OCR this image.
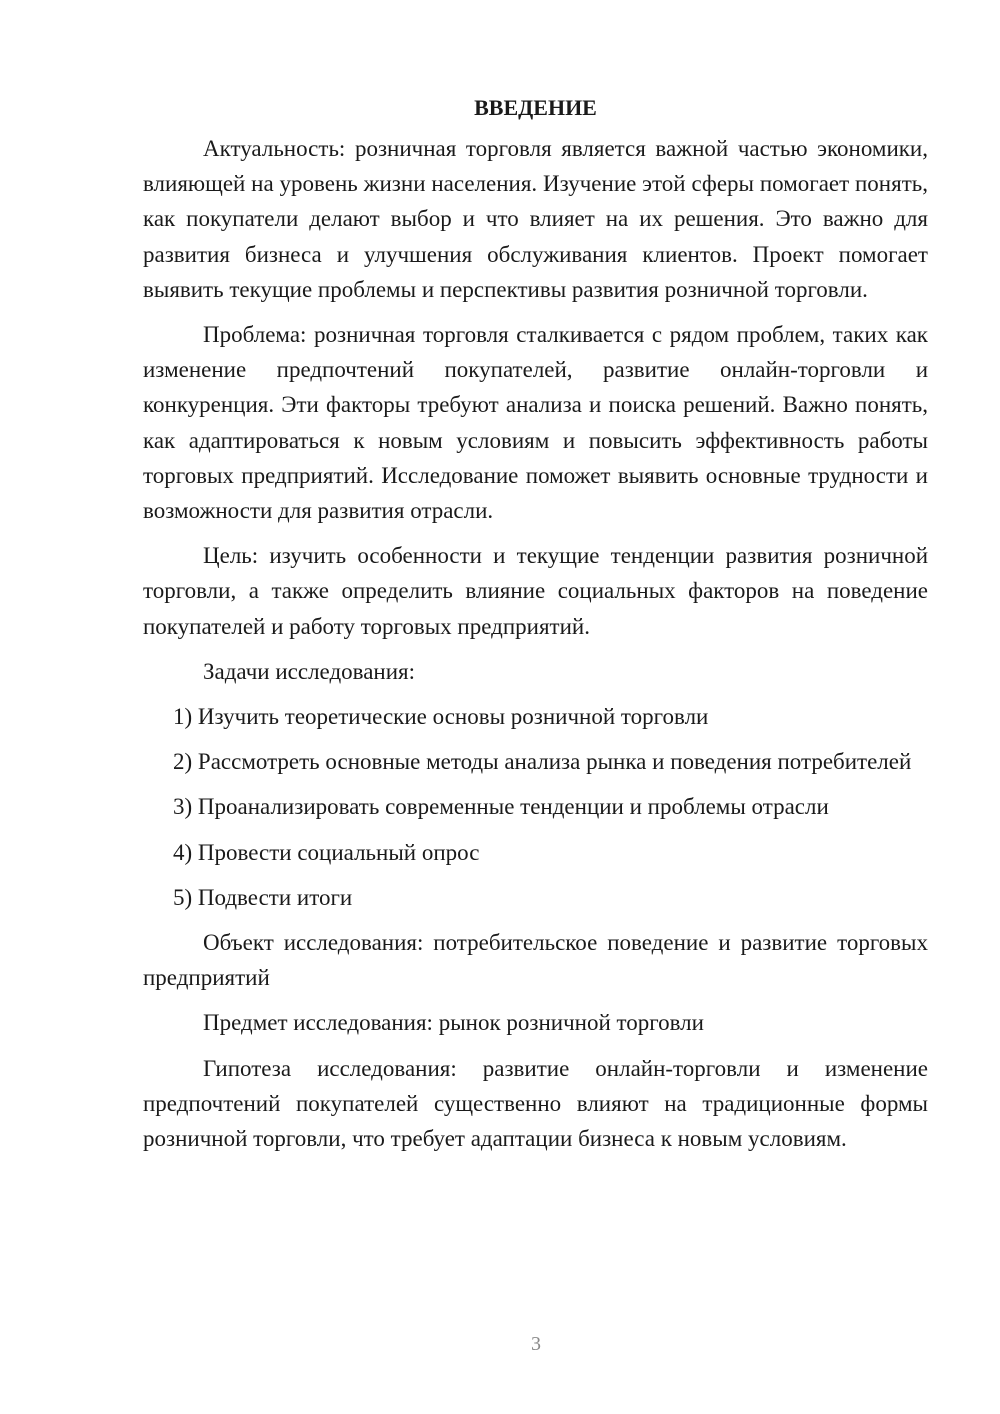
ВВЕДЕНИЕ

Актуальность: розничная торговля является важной частью экономики, влияющей на уровень жизни населения. Изучение этой сферы помогает понять, как покупатели делают выбор и что влияет на их решения. Это важно для развития бизнеса и улучшения обслуживания клиентов. Проект помогает выявить текущие проблемы и перспективы развития розничной торговли.

Проблема: розничная торговля сталкивается с рядом проблем, таких как изменение предпочтений покупателей, развитие онлайн-торговли и конкуренция. Эти факторы требуют анализа и поиска решений. Важно понять, как адаптироваться к новым условиям и повысить эффективность работы торговых предприятий. Исследование поможет выявить основные трудности и возможности для развития отрасли.

Цель: изучить особенности и текущие тенденции развития розничной торговли, а также определить влияние социальных факторов на поведение покупателей и работу торговых предприятий.

Задачи исследования:

1) Изучить теоретические основы розничной торговли

2) Рассмотреть основные методы анализа рынка и поведения потребителей

3) Проанализировать современные тенденции и проблемы отрасли

4) Провести социальный опрос

5) Подвести итоги

Объект исследования: потребительское поведение и развитие торговых предприятий

Предмет исследования: рынок розничной торговли

Гипотеза исследования: развитие онлайн-торговли и изменение предпочтений покупателей существенно влияют на традиционные формы розничной торговли, что требует адаптации бизнеса к новым условиям.

3
